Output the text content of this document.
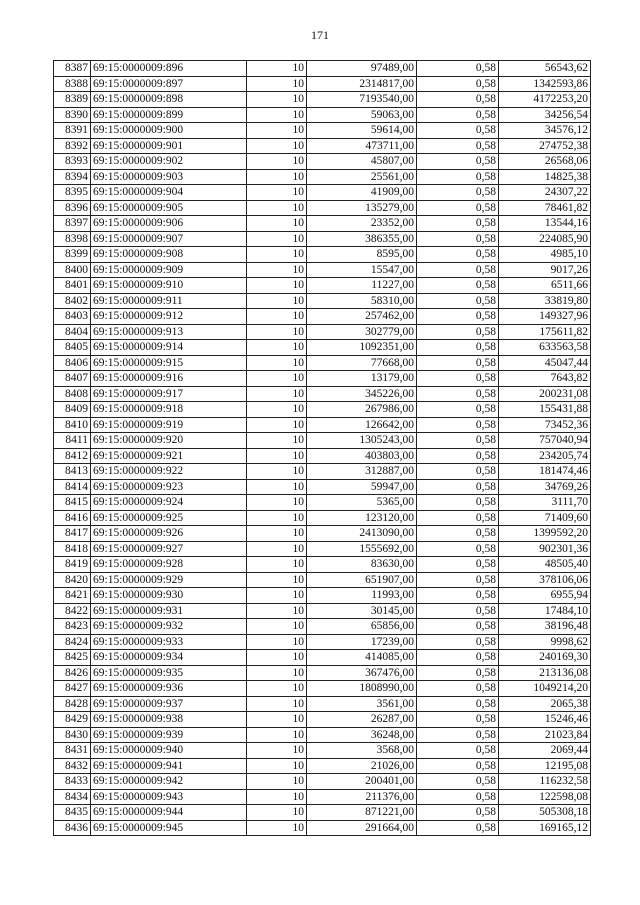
171
8387	69:15:0000009:896	10	97489,00	0,58	56543,62
8388	69:15:0000009:897	10	2314817,00	0,58	1342593,86
8389	69:15:0000009:898	10	7193540,00	0,58	4172253,20
8390	69:15:0000009:899	10	59063,00	0,58	34256,54
8391	69:15:0000009:900	10	59614,00	0,58	34576,12
8392	69:15:0000009:901	10	473711,00	0,58	274752,38
8393	69:15:0000009:902	10	45807,00	0,58	26568,06
8394	69:15:0000009:903	10	25561,00	0,58	14825,38
8395	69:15:0000009:904	10	41909,00	0,58	24307,22
8396	69:15:0000009:905	10	135279,00	0,58	78461,82
8397	69:15:0000009:906	10	23352,00	0,58	13544,16
8398	69:15:0000009:907	10	386355,00	0,58	224085,90
8399	69:15:0000009:908	10	8595,00	0,58	4985,10
8400	69:15:0000009:909	10	15547,00	0,58	9017,26
8401	69:15:0000009:910	10	11227,00	0,58	6511,66
8402	69:15:0000009:911	10	58310,00	0,58	33819,80
8403	69:15:0000009:912	10	257462,00	0,58	149327,96
8404	69:15:0000009:913	10	302779,00	0,58	175611,82
8405	69:15:0000009:914	10	1092351,00	0,58	633563,58
8406	69:15:0000009:915	10	77668,00	0,58	45047,44
8407	69:15:0000009:916	10	13179,00	0,58	7643,82
8408	69:15:0000009:917	10	345226,00	0,58	200231,08
8409	69:15:0000009:918	10	267986,00	0,58	155431,88
8410	69:15:0000009:919	10	126642,00	0,58	73452,36
8411	69:15:0000009:920	10	1305243,00	0,58	757040,94
8412	69:15:0000009:921	10	403803,00	0,58	234205,74
8413	69:15:0000009:922	10	312887,00	0,58	181474,46
8414	69:15:0000009:923	10	59947,00	0,58	34769,26
8415	69:15:0000009:924	10	5365,00	0,58	3111,70
8416	69:15:0000009:925	10	123120,00	0,58	71409,60
8417	69:15:0000009:926	10	2413090,00	0,58	1399592,20
8418	69:15:0000009:927	10	1555692,00	0,58	902301,36
8419	69:15:0000009:928	10	83630,00	0,58	48505,40
8420	69:15:0000009:929	10	651907,00	0,58	378106,06
8421	69:15:0000009:930	10	11993,00	0,58	6955,94
8422	69:15:0000009:931	10	30145,00	0,58	17484,10
8423	69:15:0000009:932	10	65856,00	0,58	38196,48
8424	69:15:0000009:933	10	17239,00	0,58	9998,62
8425	69:15:0000009:934	10	414085,00	0,58	240169,30
8426	69:15:0000009:935	10	367476,00	0,58	213136,08
8427	69:15:0000009:936	10	1808990,00	0,58	1049214,20
8428	69:15:0000009:937	10	3561,00	0,58	2065,38
8429	69:15:0000009:938	10	26287,00	0,58	15246,46
8430	69:15:0000009:939	10	36248,00	0,58	21023,84
8431	69:15:0000009:940	10	3568,00	0,58	2069,44
8432	69:15:0000009:941	10	21026,00	0,58	12195,08
8433	69:15:0000009:942	10	200401,00	0,58	116232,58
8434	69:15:0000009:943	10	211376,00	0,58	122598,08
8435	69:15:0000009:944	10	871221,00	0,58	505308,18
8436	69:15:0000009:945	10	291664,00	0,58	169165,12
